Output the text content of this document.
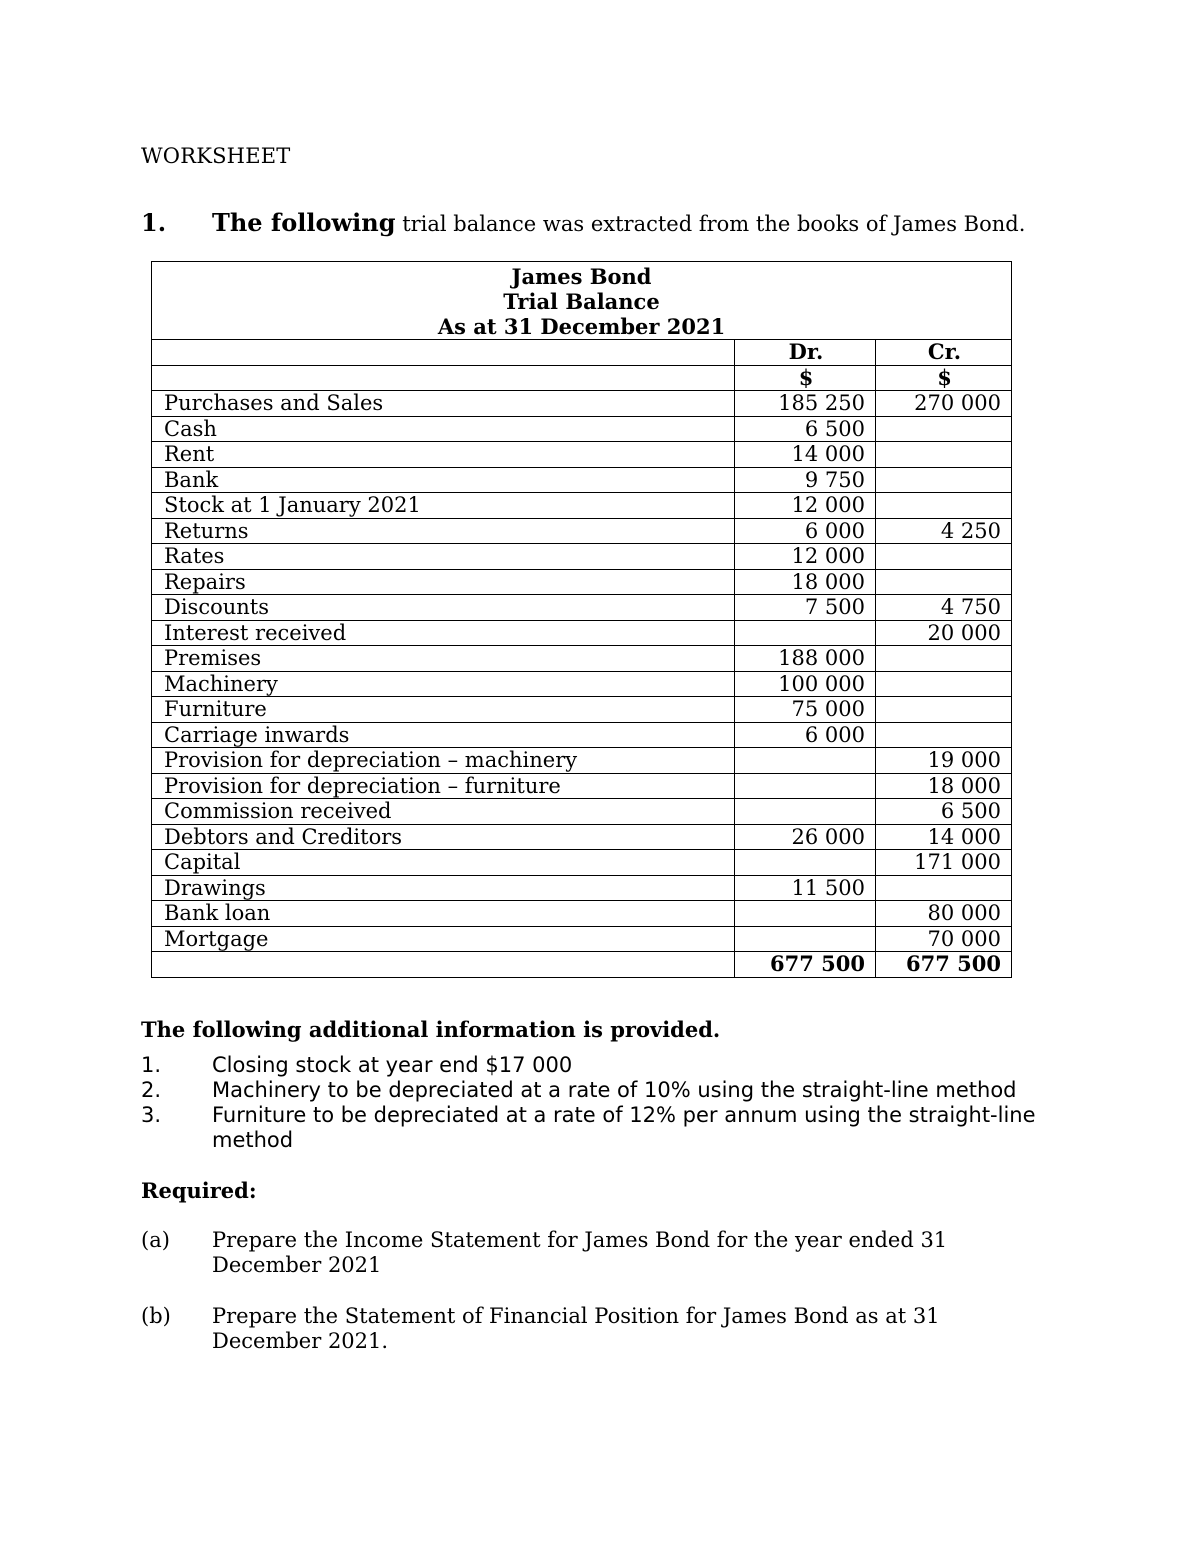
WORKSHEET
1. The following trial balance was extracted from the books of James Bond.
James Bond
Trial Balance
As at 31 December 2021		

	Dr.	Cr.
	$	$
Purchases and Sales	185 250	270 000
Cash	6 500	
Rent	14 000	
Bank	9 750	
Stock at 1 January 2021	12 000	
Returns	6 000	4 250
Rates	12 000	
Repairs	18 000	
Discounts	7 500	4 750
Interest received		20 000
Premises	188 000	
Machinery	100 000	
Furniture	75 000	
Carriage inwards	6 000	
Provision for depreciation – machinery		19 000
Provision for depreciation – furniture		18 000
Commission received		6 500
Debtors and Creditors	26 000	14 000
Capital		171 000
Drawings	11 500	
Bank loan		80 000
Mortgage		70 000
	677 500	677 500
The following additional information is provided.
1. Closing stock at year end $17 000
2. Machinery to be depreciated at a rate of 10% using the straight-line method
3. Furniture to be depreciated at a rate of 12% per annum using the straight-line method
Required:
(a) Prepare the Income Statement for James Bond for the year ended 31 December 2021
(b) Prepare the Statement of Financial Position for James Bond as at 31 December 2021.
